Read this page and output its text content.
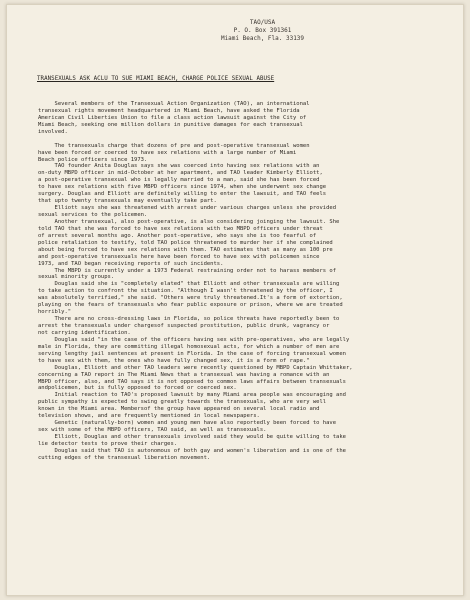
TAO/USA
P. O. Box 391361
Miami Beach, Fla. 33139
TRANSEXUALS ASK ACLU TO SUE MIAMI BEACH, CHARGE POLICE SEXUAL ABUSE
Several members of the Transexual Action Organization (TAO), an international
transexual rights movement headquartered in Miami Beach, have asked the Florida
American Civil Liberties Union to file a class action lawsuit against the City of
Miami Beach, seeking one million dollars in punitive damages for each transexual
involved.
The transexuals charge that dozens of pre and post-operative transexual women
have been forced or coerced to have sex relations with a large number of Miami
Beach police officers since 1973.
TAO founder Anita Douglas says she was coerced into having sex relations with an
on-duty MBPD officer in mid-October at her apartment, and TAO leader Kimberly Elliott,
a post-operative transexual who is legally married to a man, said she has been forced
to have sex relations with five MBPD officers since 1974, when she underwent sex change
surgery. Douglas and Elliott are definitely willing to enter the lawsuit, and TAO feels
that upto twenty transexuals may eventually take part.
Elliott says she was threatened with arrest under various charges unless she provided
sexual services to the policemen.
Another transexual, also post-operative, is also considering joinging the lawsuit. She
told TAO that she was forced to have sex relations with two MBPD officers under threat
of arrest several months ago. Another post-operative, who says she is too fearful of
police retaliation to testify, told TAO police threatened to murder her if she complained
about being forced to have sex relations with them. TAO estimates that as many as 100 pre
and post-operative transexuals here have been forced to have sex with policemen since
1973, and TAO began receiving reports of such incidents.
The MBPD is currently under a 1973 Federal restraining order not to harass members of
sexual minority groups.
Douglas said she is "completely elated" that Elliott and other transexuals are willing
to take action to confront the situation. "Although I wasn't threatened by the officer, I
was absolutely terrified," she said. "Others were truly threatened.It's a form of extortion,
playing on the fears of transexuals who fear public exposure or prison, where we are treated
horribly."
There are no cross-dressing laws in Florida, so police threats have reportedly been to
arrest the transexuals under chargesof suspected prostitution, public drunk, vagrancy or
not carrying identification.
Douglas said "in the case of the officers having sex with pre-operatives, who are legally
male in Florida, they are committing illegal homosexual acts, for which a number of men are
serving lengthy jail sentences at present in Florida. In the case of forcing transexual women
to have sex with them, the ones who have fully changed sex, it is a form of rape."
Douglas, Elliott and other TAO leaders were recently questioned by MBPD Captain Whittaker,
concerning a TAO report in The Miami News that a transexual was having a romance with an
MBPD officer, also, and TAO says it is not opposed to common laws affairs between transexuals
andpolicemen, but is fully opposed to forced or coerced sex.
Initial reaction to TAO's proposed lawsuit by many Miami area people was encouraging and
public sympathy is expected to swing greatly towards the transexuals, who are very well
known in the Miami area. Membersof the group have appeared on several local radio and
television shows, and are frequently mentioned in local newspapers.
Genetic (naturally-born) women and young men have also reportedly been forced to have
sex with some of the MBPD officers, TAO said, as well as transexuals.
Elliott, Douglas and other transexuals involved said they would be quite willing to take
lie detector tests to prove their charges.
Douglas said that TAO is autonomous of both gay and women's liberation and is one of the
cutting edges of the transexual liberation movement.
